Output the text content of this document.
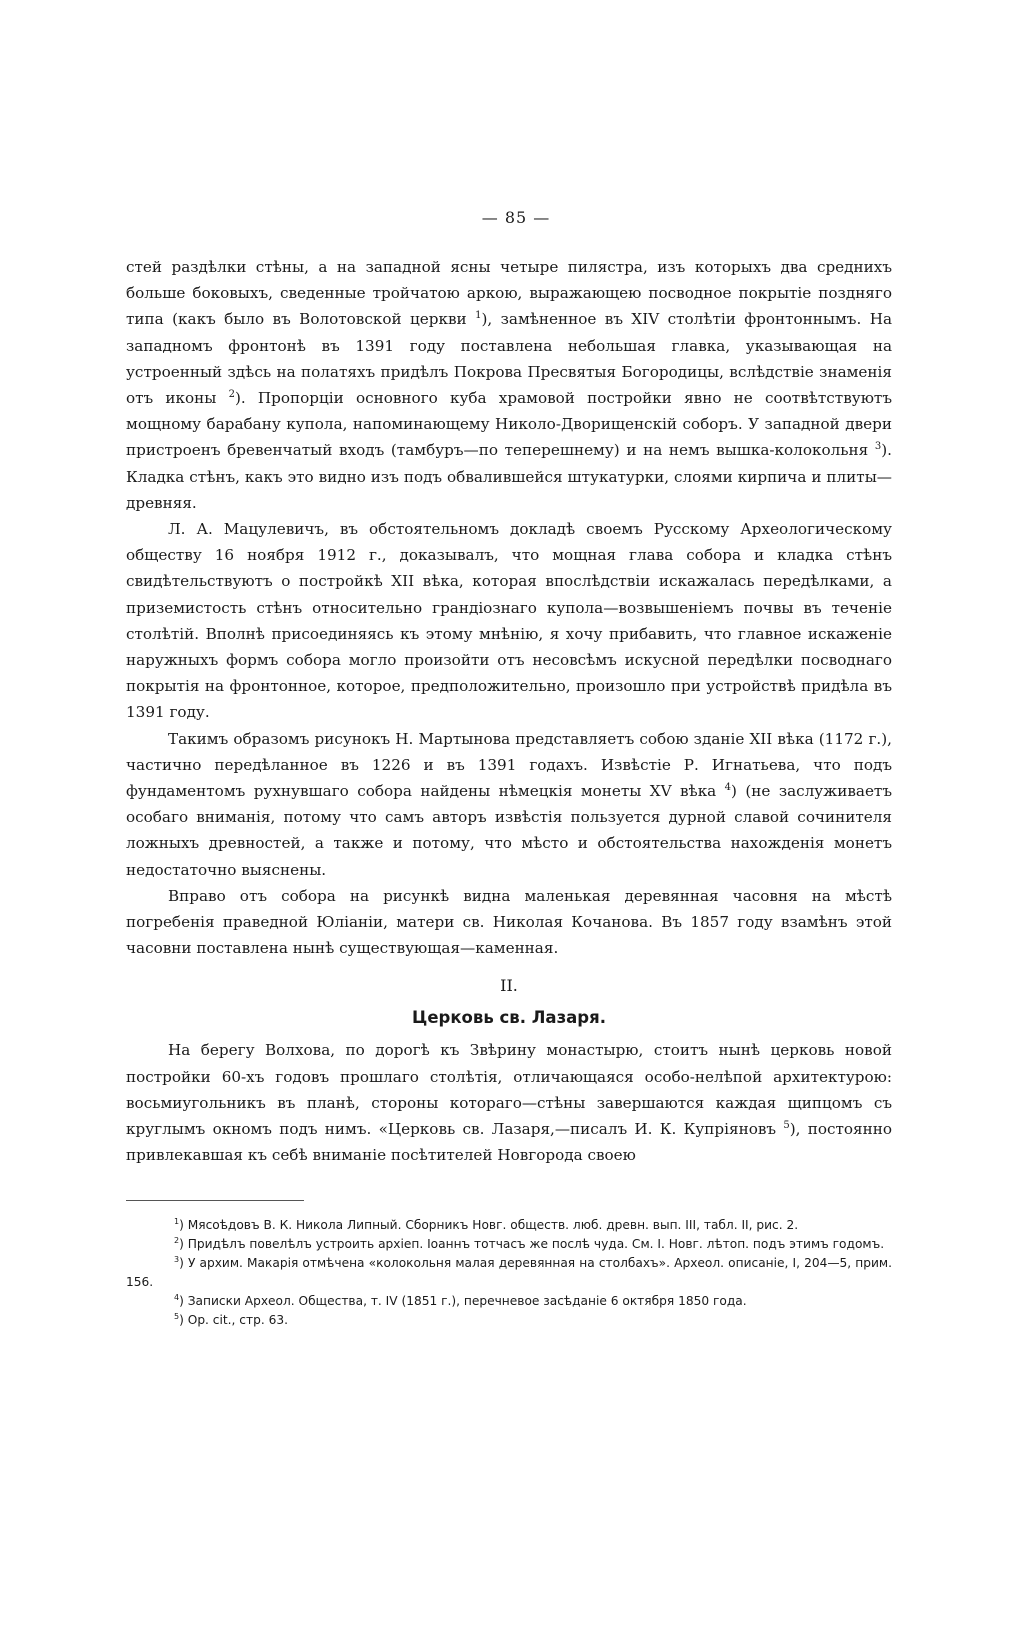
— 85 —

стей раздѣлки стѣны, а на западной ясны четыре пилястра, изъ которыхъ два среднихъ больше боковыхъ, сведенные тройчатою аркою, выражающею посводное покрытіе поздняго типа (какъ было въ Волотовской церкви $^1$), замѣненное въ XIV столѣтіи фронтоннымъ. На западномъ фронтонѣ въ 1391 году поставлена небольшая главка, указывающая на устроенный здѣсь на полатяхъ придѣлъ Покрова Пресвятыя Богородицы, вслѣдствіе знаменія отъ иконы $^2$). Пропорціи основного куба храмовой постройки явно не соотвѣтствуютъ мощному барабану купола, напоминающему Николо-Дворищенскій соборъ. У западной двери пристроенъ бревенчатый входъ (тамбуръ—по теперешнему) и на немъ вышка-колокольня $^3$). Кладка стѣнъ, какъ это видно изъ подъ обвалившейся штукатурки, слоями кирпича и плиты—древняя.

Л. А. Мацулевичъ, въ обстоятельномъ докладѣ своемъ Русскому Археологическому обществу 16 ноября 1912 г., доказывалъ, что мощная глава собора и кладка стѣнъ свидѣтельствуютъ о постройкѣ XII вѣка, которая впослѣдствіи искажалась передѣлками, а приземистость стѣнъ относительно грандіознаго купола—возвышеніемъ почвы въ теченіе столѣтій. Вполнѣ присоединяясь къ этому мнѣнію, я хочу прибавить, что главное искаженіе наружныхъ формъ собора могло произойти отъ несовсѣмъ искусной передѣлки посводнаго покрытія на фронтонное, которое, предположительно, произошло при устройствѣ придѣла въ 1391 году.

Такимъ образомъ рисунокъ Н. Мартынова представляетъ собою зданіе XII вѣка (1172 г.), частично передѣланное въ 1226 и въ 1391 годахъ. Извѣстіе Р. Игнатьева, что подъ фундаментомъ рухнувшаго собора найдены нѣмецкія монеты XV вѣка $^4$) (не заслуживаетъ особаго вниманія, потому что самъ авторъ извѣстія пользуется дурной славой сочинителя ложныхъ древностей, а также и потому, что мѣсто и обстоятельства нахожденія монетъ недостаточно выяснены.

Вправо отъ собора на рисункѣ видна маленькая деревянная часовня на мѣстѣ погребенія праведной Юліаніи, матери св. Николая Кочанова. Въ 1857 году взамѣнъ этой часовни поставлена нынѣ существующая—каменная.

II.
Церковь св. Лазаря.

На берегу Волхова, по дорогѣ къ Звѣрину монастырю, стоитъ нынѣ церковь новой постройки 60-хъ годовъ прошлаго столѣтія, отличающаяся особо-нелѣпой архитектурою: восьмиугольникъ въ планѣ, стороны котораго—стѣны завершаются каждая щипцомъ съ круглымъ окномъ подъ нимъ. «Церковь св. Лазаря,—писалъ И. К. Купріяновъ $^5$), постоянно привлекавшая къ себѣ вниманіе посѣтителей Новгорода своею

$^1$) Мясоѣдовъ В. К. Никола Липный. Сборникъ Новг. обществ. люб. древн. вып. III, табл. II, рис. 2.

$^2$) Придѣлъ повелѣлъ устроить архіеп. Іоаннъ тотчасъ же послѣ чуда. См. I. Новг. лѣтоп. подъ этимъ годомъ.

$^3$) У архим. Макарія отмѣчена «колокольня малая деревянная на столбахъ». Археол. описаніе, I, 204—5, прим. 156.

$^4$) Записки Археол. Общества, т. IV (1851 г.), перечневое засѣданіе 6 октября 1850 года.

$^5$) Op. cit., стр. 63.
